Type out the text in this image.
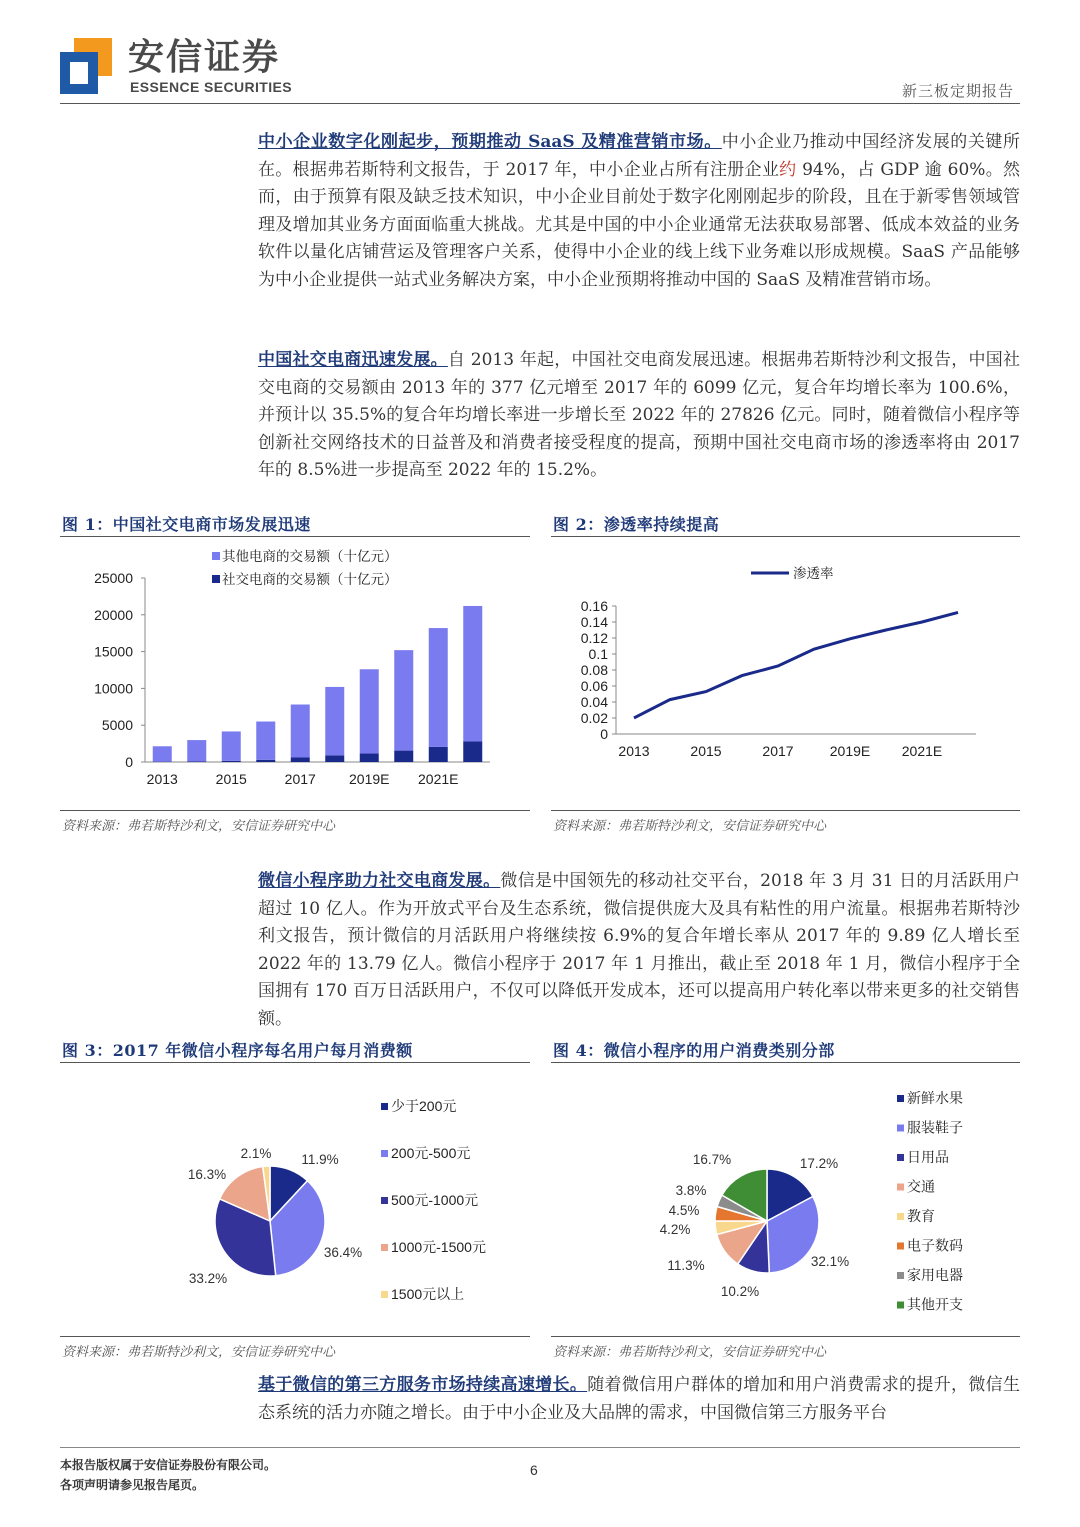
安信证券
ESSENCE SECURITIES	新三板定期报告
中小企业数字化刚起步，预期推动 SaaS 及精准营销市场。中小企业乃推动中国经济发展的关键所在。根据弗若斯特利文报告，于 2017 年，中小企业占所有注册企业约 94%，占 GDP 逾 60%。然而，由于预算有限及缺乏技术知识，中小企业目前处于数字化刚刚起步的阶段，且在于新零售领域管理及增加其业务方面面临重大挑战。尤其是中国的中小企业通常无法获取易部署、低成本效益的业务软件以量化店铺营运及管理客户关系，使得中小企业的线上线下业务难以形成规模。SaaS 产品能够为中小企业提供一站式业务解决方案，中小企业预期将推动中国的 SaaS 及精准营销市场。
中国社交电商迅速发展。自 2013 年起，中国社交电商发展迅速。根据弗若斯特沙利文报告，中国社交电商的交易额由 2013 年的 377 亿元增至 2017 年的 6099 亿元，复合年均增长率为 100.6%，并预计以 35.5%的复合年均增长率进一步增长至 2022 年的 27826 亿元。同时，随着微信小程序等创新社交网络技术的日益普及和消费者接受程度的提高，预期中国社交电商市场的渗透率将由 2017 年的 8.5%进一步提高至 2022 年的 15.2%。
图 1：中国社交电商市场发展迅速	图 2：渗透率持续提高
0
5000
10000
15000
20000
25000
2013	2015	2017 2019E 2021E
其他电商的交易额（十亿元）
社交电商的交易额（十亿元）
0
0.02
0.04
0.06
0.08
0.1
0.12
0.14
0.16
2013	2015	2017	2019E 2021E
渗透率
资料来源：弗若斯特沙利文，安信证券研究中心	资料来源：弗若斯特沙利文，安信证券研究中心
微信小程序助力社交电商发展。微信是中国领先的移动社交平台，2018 年 3 月 31 日的月活跃用户超过 10 亿人。作为开放式平台及生态系统，微信提供庞大及具有粘性的用户流量。根据弗若斯特沙利文报告，预计微信的月活跃用户将继续按 6.9%的复合年增长率从 2017 年的 9.89 亿人增长至 2022 年的 13.79 亿人。微信小程序于 2017 年 1 月推出，截止至 2018 年 1 月，微信小程序于全国拥有 170 百万日活跃用户，不仅可以降低开发成本，还可以提高用户转化率以带来更多的社交销售额。
图 3：2017 年微信小程序每名用户每月消费额	图 4：微信小程序的用户消费类别分部
11.9%
少于200元
36.4%
200元-500元
33.2%
500元-1000元
16.3%
1000元-1500元
2.1%
1500元以上
17.2%
新鲜水果
32.1%
服装鞋子
10.2%
日用品
11.3%
交通
4.2%
教育
4.5%
电子数码
3.8%
家用电器
16.7%
其他开支
资料来源：弗若斯特沙利文，安信证券研究中心	资料来源：弗若斯特沙利文，安信证券研究中心
基于微信的第三方服务市场持续高速增长。随着微信用户群体的增加和用户消费需求的提升，微信生态系统的活力亦随之增长。由于中小企业及大品牌的需求，中国微信第三方服务平台
本报告版权属于安信证券股份有限公司。
各项声明请参见报告尾页。
6
